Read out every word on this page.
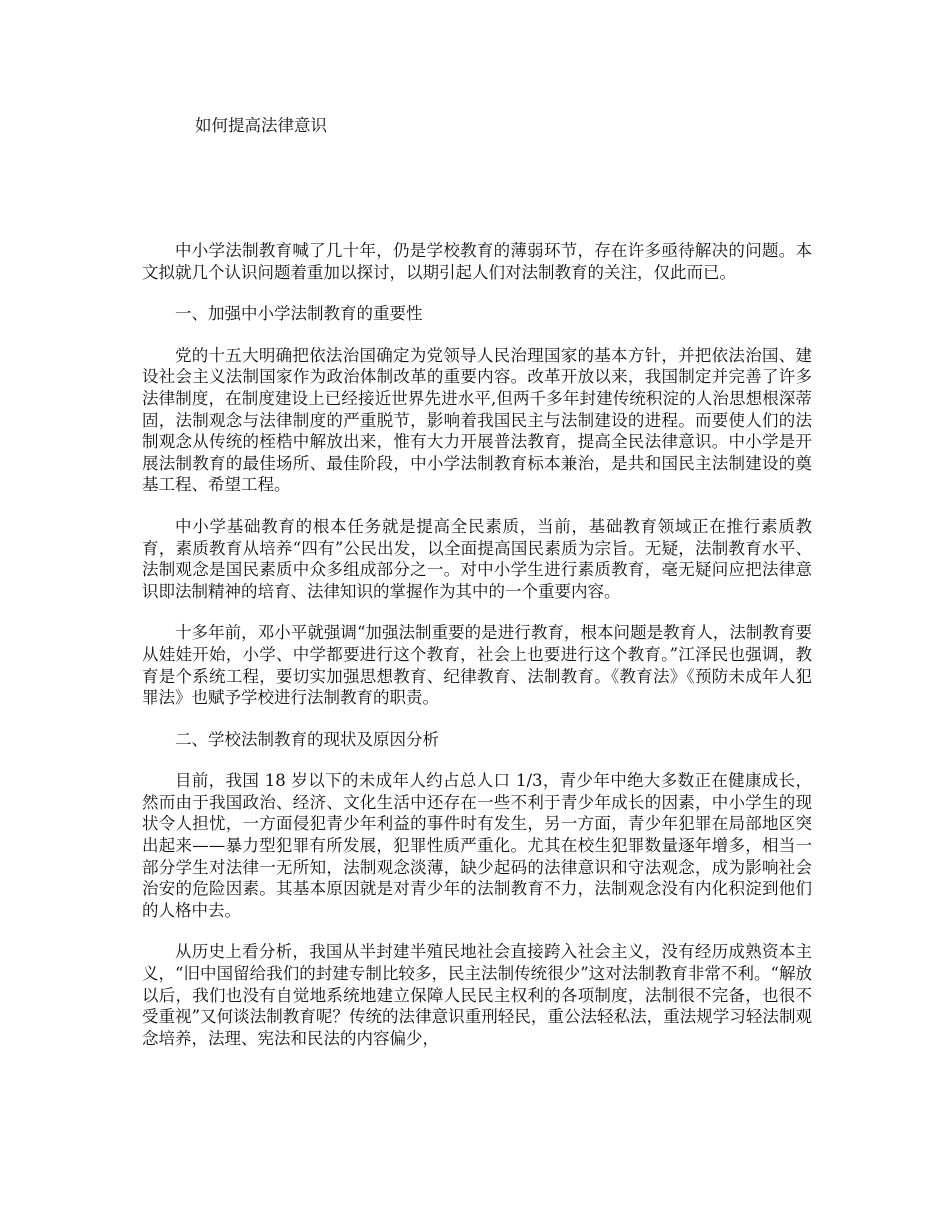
如何提高法律意识

中小学法制教育喊了几十年，仍是学校教育的薄弱环节，存在许多亟待解决的问题。本文拟就几个认识问题着重加以探讨，以期引起人们对法制教育的关注，仅此而已。

一、加强中小学法制教育的重要性

党的十五大明确把依法治国确定为党领导人民治理国家的基本方针，并把依法治国、建设社会主义法制国家作为政治体制改革的重要内容。改革开放以来，我国制定并完善了许多法律制度，在制度建设上已经接近世界先进水平,但两千多年封建传统积淀的人治思想根深蒂固，法制观念与法律制度的严重脱节，影响着我国民主与法制建设的进程。而要使人们的法制观念从传统的桎梏中解放出来，惟有大力开展普法教育，提高全民法律意识。中小学是开展法制教育的最佳场所、最佳阶段，中小学法制教育标本兼治，是共和国民主法制建设的奠基工程、希望工程。

中小学基础教育的根本任务就是提高全民素质，当前，基础教育领域正在推行素质教育，素质教育从培养“四有”公民出发，以全面提高国民素质为宗旨。无疑，法制教育水平、法制观念是国民素质中众多组成部分之一。对中小学生进行素质教育，毫无疑问应把法律意识即法制精神的培育、法律知识的掌握作为其中的一个重要内容。

十多年前，邓小平就强调“加强法制重要的是进行教育，根本问题是教育人，法制教育要从娃娃开始，小学、中学都要进行这个教育，社会上也要进行这个教育。”江泽民也强调，教育是个系统工程，要切实加强思想教育、纪律教育、法制教育。《教育法》《预防未成年人犯罪法》也赋予学校进行法制教育的职责。

二、学校法制教育的现状及原因分析

目前，我国 18 岁以下的未成年人约占总人口 1/3，青少年中绝大多数正在健康成长，然而由于我国政治、经济、文化生活中还存在一些不利于青少年成长的因素，中小学生的现状令人担忧，一方面侵犯青少年利益的事件时有发生，另一方面，青少年犯罪在局部地区突出起来——暴力型犯罪有所发展，犯罪性质严重化。尤其在校生犯罪数量逐年增多，相当一部分学生对法律一无所知，法制观念淡薄，缺少起码的法律意识和守法观念，成为影响社会治安的危险因素。其基本原因就是对青少年的法制教育不力，法制观念没有内化积淀到他们的人格中去。

从历史上看分析，我国从半封建半殖民地社会直接跨入社会主义，没有经历成熟资本主义，“旧中国留给我们的封建专制比较多，民主法制传统很少”这对法制教育非常不利。“解放以后，我们也没有自觉地系统地建立保障人民民主权利的各项制度，法制很不完备，也很不受重视”又何谈法制教育呢？传统的法律意识重刑轻民，重公法轻私法，重法规学习轻法制观念培养，法理、宪法和民法的内容偏少，
